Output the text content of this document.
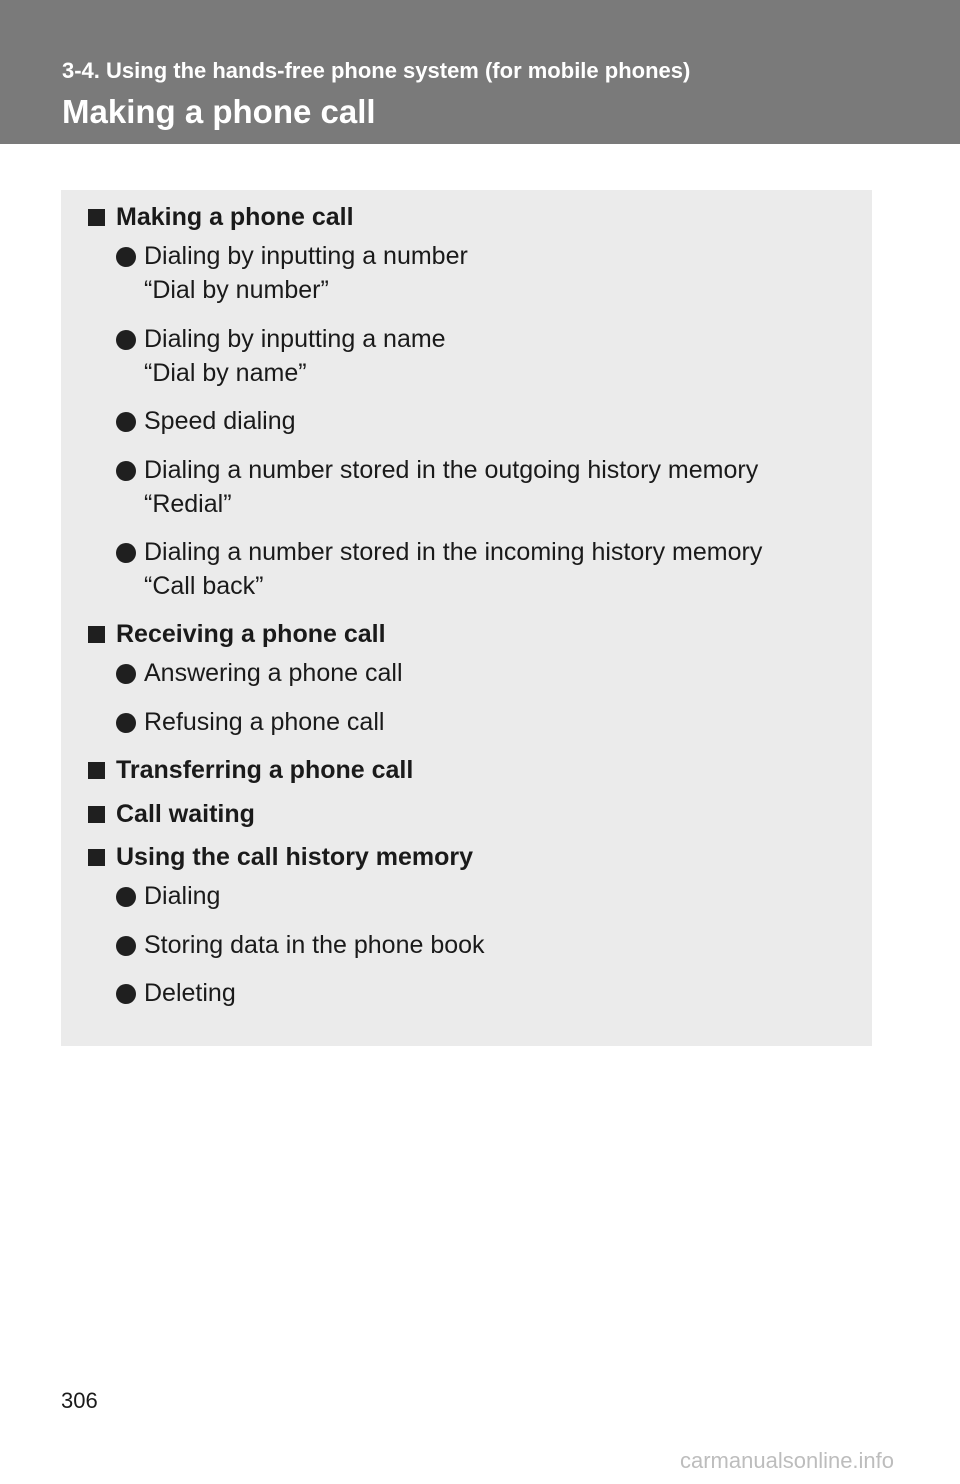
3-4. Using the hands-free phone system (for mobile phones)
Making a phone call
Making a phone call
Dialing by inputting a number
“Dial by number”
Dialing by inputting a name
“Dial by name”
Speed dialing
Dialing a number stored in the outgoing history memory
“Redial”
Dialing a number stored in the incoming history memory
“Call back”
Receiving a phone call
Answering a phone call
Refusing a phone call
Transferring a phone call
Call waiting
Using the call history memory
Dialing
Storing data in the phone book
Deleting
306
carmanualsonline.info
